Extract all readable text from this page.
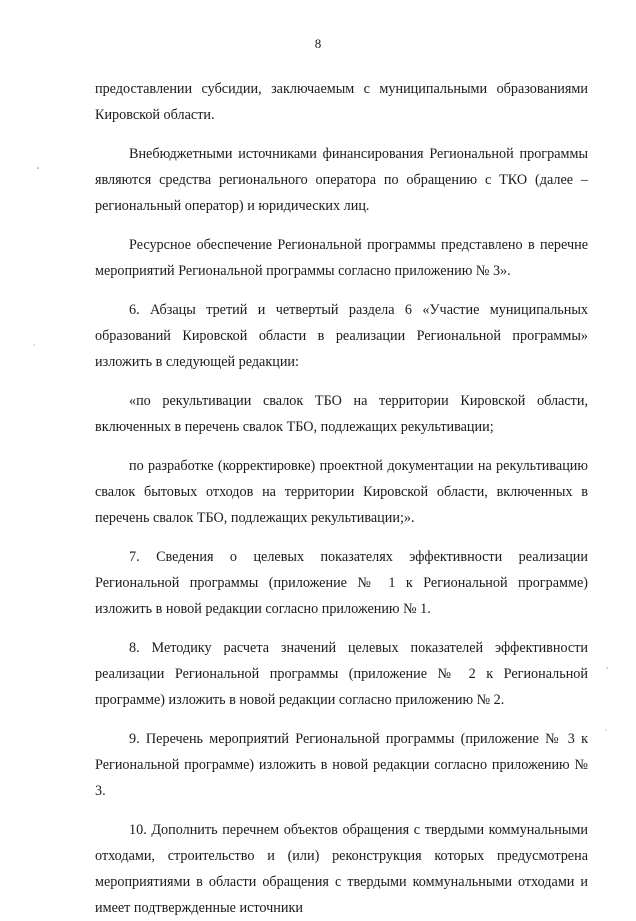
8

предоставлении субсидии, заключаемым с муниципальными образованиями Кировской области.

Внебюджетными источниками финансирования Региональной программы являются средства регионального оператора по обращению с ТКО (далее – региональный оператор) и юридических лиц.

Ресурсное обеспечение Региональной программы представлено в перечне мероприятий Региональной программы согласно приложению № 3».

6. Абзацы третий и четвертый раздела 6 «Участие муниципальных образований Кировской области в реализации Региональной программы» изложить в следующей редакции:

«по рекультивации свалок ТБО на территории Кировской области, включенных в перечень свалок ТБО, подлежащих рекультивации;

по разработке (корректировке) проектной документации на рекультивацию свалок бытовых отходов на территории Кировской области, включенных в перечень свалок ТБО, подлежащих рекультивации;».

7. Сведения о целевых показателях эффективности реализации Региональной программы (приложение № 1 к Региональной программе) изложить в новой редакции согласно приложению № 1.

8. Методику расчета значений целевых показателей эффективности реализации Региональной программы (приложение № 2 к Региональной программе) изложить в новой редакции согласно приложению № 2.

9. Перечень мероприятий Региональной программы (приложение № 3 к Региональной программе) изложить в новой редакции согласно приложению № 3.

10. Дополнить перечнем объектов обращения с твердыми коммунальными отходами, строительство и (или) реконструкция которых предусмотрена мероприятиями в области обращения с твердыми коммунальными отходами и имеет подтвержденные источники
